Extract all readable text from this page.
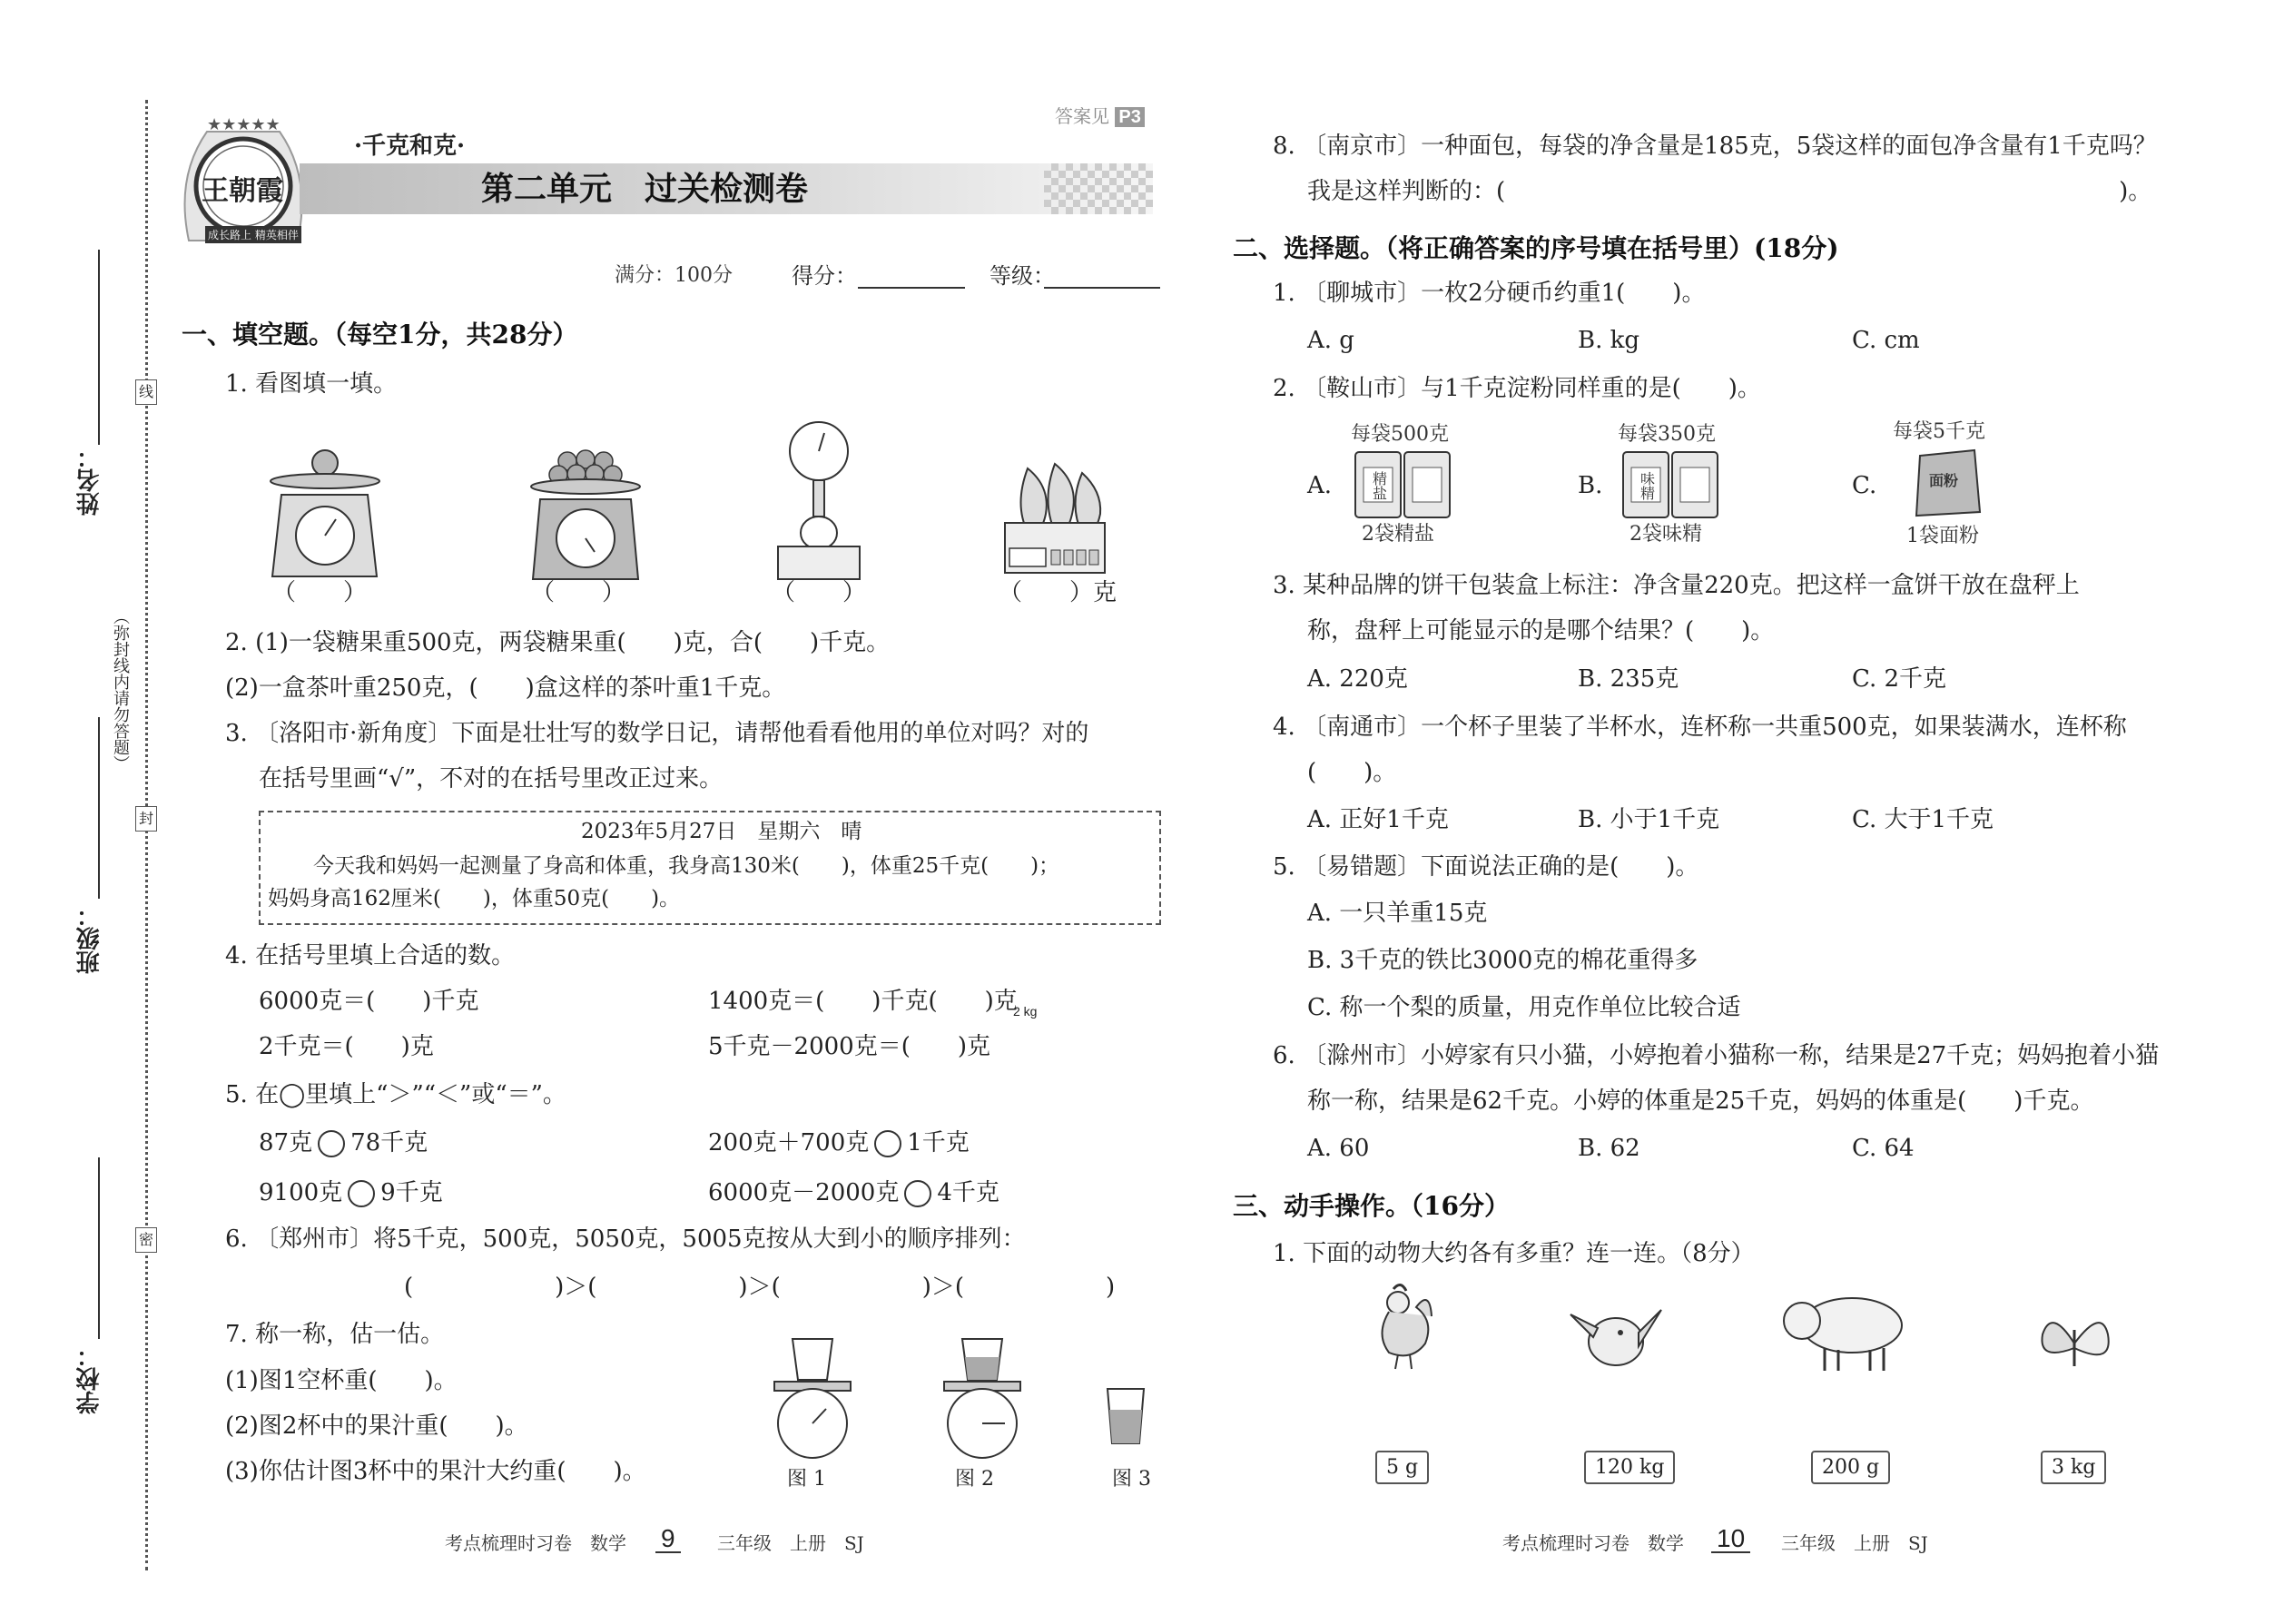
姓名：
班级：
学校：
（弥封线内请勿答题）
线
封
密
★★★★★
王朝霞
成长路上 精英相伴
·千克和克·
第二单元　过关检测卷
答案见 P3
满分：100分	得分：	等级：
一、填空题。（每空1分，共28分）
1. 看图填一填。
2 kg
（　　）	（　　）	（　　）	（　　）克
2. (1)一袋糖果重500克，两袋糖果重(　　)克，合(　　)千克。
(2)一盒茶叶重250克，(　　)盒这样的茶叶重1千克。
3. 〔洛阳市·新角度〕下面是壮壮写的数学日记，请帮他看看他用的单位对吗？对的
在括号里画“√”，不对的在括号里改正过来。
2023年5月27日　星期六　晴
今天我和妈妈一起测量了身高和体重，我身高130米(　　)，体重25千克(　　)；
妈妈身高162厘米(　　)，体重50克(　　)。
4. 在括号里填上合适的数。
6000克＝(　　)千克	1400克＝(　　)千克(　　)克
2千克＝(　　)克	5千克－2000克＝(　　)克
5. 在◯里填上“＞”“＜”或“＝”。
87克 78千克	200克＋700克 1千克
9100克 9千克	6000克－2000克 4千克
6. 〔郑州市〕将5千克，500克，5050克，5005克按从大到小的顺序排列：
(　　　　　　)＞(　　　　　　)＞(　　　　　　)＞(　　　　　　)
7. 称一称，估一估。
(1)图1空杯重(　　)。
(2)图2杯中的果汁重(　　)。
(3)你估计图3杯中的果汁大约重(　　)。	图 1	图 2	图 3
考点梳理时习卷　数学 9	三年级　上册　SJ
8. 〔南京市〕一种面包，每袋的净含量是185克，5袋这样的面包净含量有1千克吗？
我是这样判断的：(　　　　　　　　　　　　　　　　　　　　　　　　　　)。
二、选择题。（将正确答案的序号填在括号里）(18分)
1. 〔聊城市〕一枚2分硬币约重1(　　)。
A. g	B. kg	C. cm
2. 〔鞍山市〕与1千克淀粉同样重的是(　　)。
A.
每袋500克
精盐
2袋精盐
B.
每袋350克
味精
2袋味精
C.
每袋5千克
面粉
1袋面粉
3. 某种品牌的饼干包装盒上标注：净含量220克。把这样一盒饼干放在盘秤上
称，盘秤上可能显示的是哪个结果？(　　)。
A. 220克	B. 235克	C. 2千克
4. 〔南通市〕一个杯子里装了半杯水，连杯称一共重500克，如果装满水，连杯称
(　　)。
A. 正好1千克	B. 小于1千克	C. 大于1千克
5. 〔易错题〕下面说法正确的是(　　)。
A. 一只羊重15克
B. 3千克的铁比3000克的棉花重得多
C. 称一个梨的质量，用克作单位比较合适
6. 〔滁州市〕小婷家有只小猫，小婷抱着小猫称一称，结果是27千克；妈妈抱着小猫
称一称，结果是62千克。小婷的体重是25千克，妈妈的体重是(　　)千克。
A. 60	B. 62	C. 64
三、动手操作。（16分）
1. 下面的动物大约各有多重？连一连。（8分）
5 g	120 kg	200 g	3 kg
考点梳理时习卷　数学 10	三年级　上册　SJ
